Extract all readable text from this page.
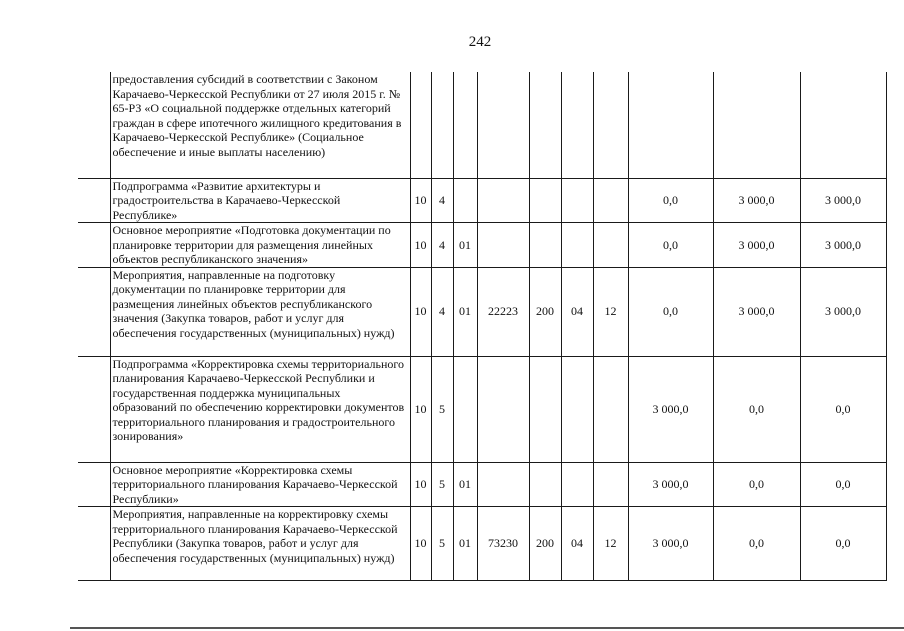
242
	предоставления субсидий в соответствии с Законом Карачаево-Черкесской Республики от 27 июля 2015 г. № 65-РЗ «О социальной поддержке отдельных категорий граждан в сфере ипотечного жилищного кредитования в Карачаево-Черкесской Республике» (Социальное обеспечение и иные выплаты населению)										
	Подпрограмма «Развитие архитектуры и градостроительства в Карачаево-Черкесской Республике»	10	4						0,0	3 000,0	3 000,0
	Основное мероприятие «Подготовка документации по планировке территории для размещения линейных объектов республиканского значения»	10	4	01					0,0	3 000,0	3 000,0
	Мероприятия, направленные на подготовку документации по планировке территории для размещения линейных объектов республиканского значения (Закупка товаров, работ и услуг для обеспечения государственных (муниципальных) нужд)	10	4	01	22223	200	04	12	0,0	3 000,0	3 000,0
	Подпрограмма «Корректировка схемы территориального планирования Карачаево-Черкесской Республики и государственная поддержка муниципальных образований по обеспечению корректировки документов территориального планирования и градостроительного зонирования»	10	5						3 000,0	0,0	0,0
	Основное мероприятие «Корректировка схемы территориального планирования Карачаево-Черкесской Республики»	10	5	01					3 000,0	0,0	0,0
	Мероприятия, направленные на корректировку схемы территориального планирования Карачаево-Черкесской Республики (Закупка товаров, работ и услуг для обеспечения государственных (муниципальных) нужд)	10	5	01	73230	200	04	12	3 000,0	0,0	0,0
